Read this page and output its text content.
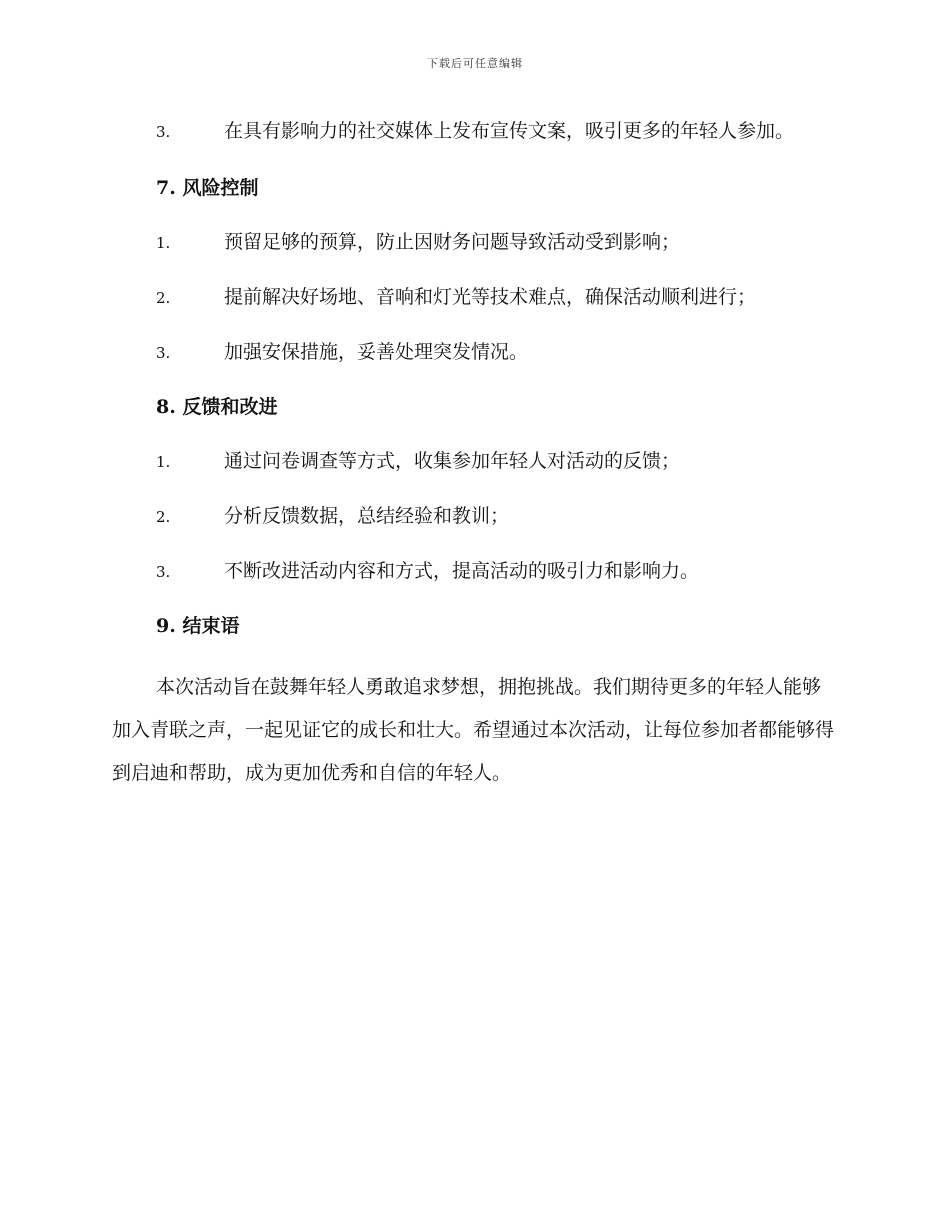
下载后可任意编辑
3.	在具有影响力的社交媒体上发布宣传文案，吸引更多的年轻人参加。
7. 风险控制
1.	预留足够的预算，防止因财务问题导致活动受到影响；
2.	提前解决好场地、音响和灯光等技术难点，确保活动顺利进行；
3.	加强安保措施，妥善处理突发情况。
8. 反馈和改进
1.	通过问卷调查等方式，收集参加年轻人对活动的反馈；
2.	分析反馈数据，总结经验和教训；
3.	不断改进活动内容和方式，提高活动的吸引力和影响力。
9. 结束语

本次活动旨在鼓舞年轻人勇敢追求梦想，拥抱挑战。我们期待更多的年轻人能够加入青联之声，一起见证它的成长和壮大。希望通过本次活动，让每位参加者都能够得到启迪和帮助，成为更加优秀和自信的年轻人。
